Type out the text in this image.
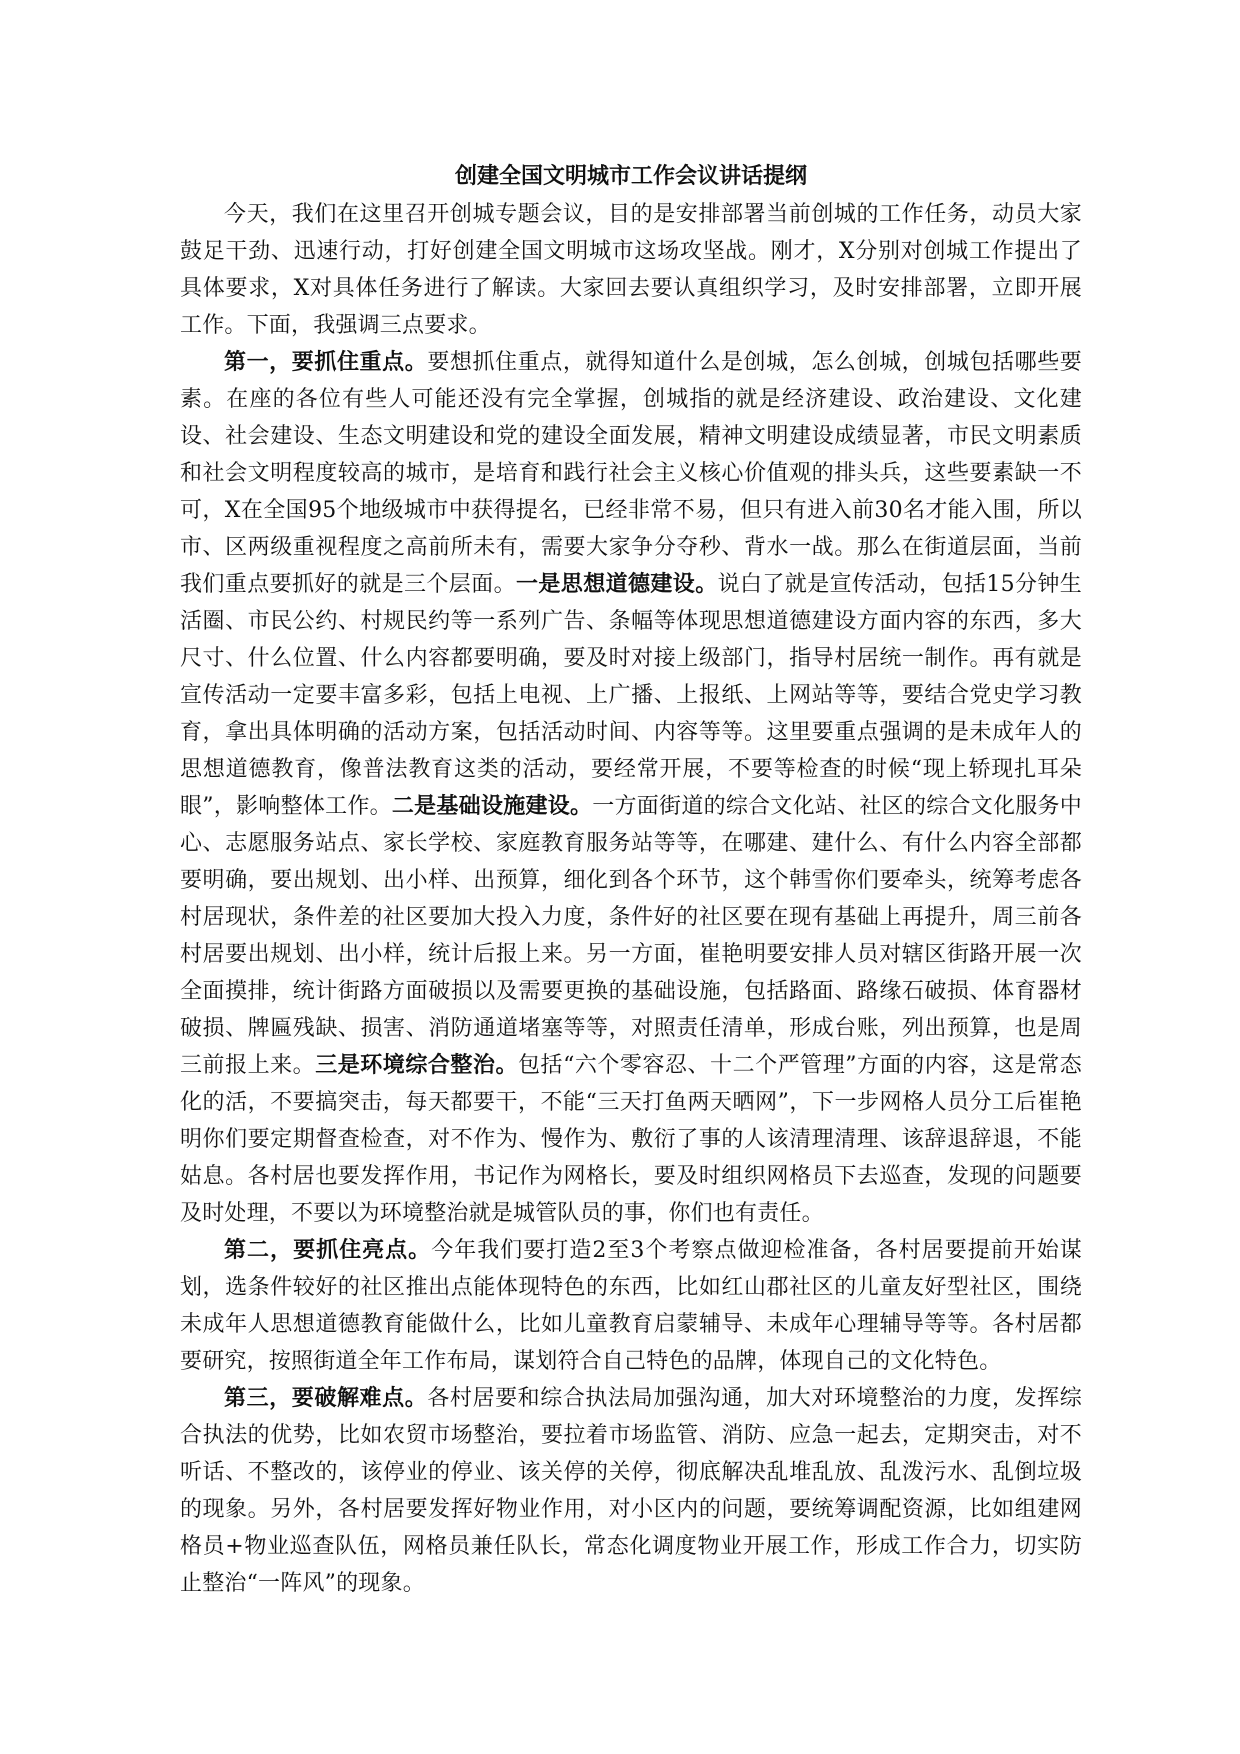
创建全国文明城市工作会议讲话提纲

今天，我们在这里召开创城专题会议，目的是安排部署当前创城的工作任务，动员大家鼓足干劲、迅速行动，打好创建全国文明城市这场攻坚战。刚才，X分别对创城工作提出了具体要求，X对具体任务进行了解读。大家回去要认真组织学习，及时安排部署，立即开展工作。下面，我强调三点要求。

第一，要抓住重点。要想抓住重点，就得知道什么是创城，怎么创城，创城包括哪些要素。在座的各位有些人可能还没有完全掌握，创城指的就是经济建设、政治建设、文化建设、社会建设、生态文明建设和党的建设全面发展，精神文明建设成绩显著，市民文明素质和社会文明程度较高的城市，是培育和践行社会主义核心价值观的排头兵，这些要素缺一不可，X在全国95个地级城市中获得提名，已经非常不易，但只有进入前30名才能入围，所以市、区两级重视程度之高前所未有，需要大家争分夺秒、背水一战。那么在街道层面，当前我们重点要抓好的就是三个层面。一是思想道德建设。说白了就是宣传活动，包括15分钟生活圈、市民公约、村规民约等一系列广告、条幅等体现思想道德建设方面内容的东西，多大尺寸、什么位置、什么内容都要明确，要及时对接上级部门，指导村居统一制作。再有就是宣传活动一定要丰富多彩，包括上电视、上广播、上报纸、上网站等等，要结合党史学习教育，拿出具体明确的活动方案，包括活动时间、内容等等。这里要重点强调的是未成年人的思想道德教育，像普法教育这类的活动，要经常开展，不要等检查的时候“现上轿现扎耳朵眼”，影响整体工作。二是基础设施建设。一方面街道的综合文化站、社区的综合文化服务中心、志愿服务站点、家长学校、家庭教育服务站等等，在哪建、建什么、有什么内容全部都要明确，要出规划、出小样、出预算，细化到各个环节，这个韩雪你们要牵头，统筹考虑各村居现状，条件差的社区要加大投入力度，条件好的社区要在现有基础上再提升，周三前各村居要出规划、出小样，统计后报上来。另一方面，崔艳明要安排人员对辖区街路开展一次全面摸排，统计街路方面破损以及需要更换的基础设施，包括路面、路缘石破损、体育器材破损、牌匾残缺、损害、消防通道堵塞等等，对照责任清单，形成台账，列出预算，也是周三前报上来。三是环境综合整治。包括“六个零容忍、十二个严管理”方面的内容，这是常态化的活，不要搞突击，每天都要干，不能“三天打鱼两天晒网”，下一步网格人员分工后崔艳明你们要定期督查检查，对不作为、慢作为、敷衍了事的人该清理清理、该辞退辞退，不能姑息。各村居也要发挥作用，书记作为网格长，要及时组织网格员下去巡查，发现的问题要及时处理，不要以为环境整治就是城管队员的事，你们也有责任。

第二，要抓住亮点。今年我们要打造2至3个考察点做迎检准备，各村居要提前开始谋划，选条件较好的社区推出点能体现特色的东西，比如红山郡社区的儿童友好型社区，围绕未成年人思想道德教育能做什么，比如儿童教育启蒙辅导、未成年心理辅导等等。各村居都要研究，按照街道全年工作布局，谋划符合自己特色的品牌，体现自己的文化特色。

第三，要破解难点。各村居要和综合执法局加强沟通，加大对环境整治的力度，发挥综合执法的优势，比如农贸市场整治，要拉着市场监管、消防、应急一起去，定期突击，对不听话、不整改的，该停业的停业、该关停的关停，彻底解决乱堆乱放、乱泼污水、乱倒垃圾的现象。另外，各村居要发挥好物业作用，对小区内的问题，要统筹调配资源，比如组建网格员+物业巡查队伍，网格员兼任队长，常态化调度物业开展工作，形成工作合力，切实防止整治“一阵风”的现象。
